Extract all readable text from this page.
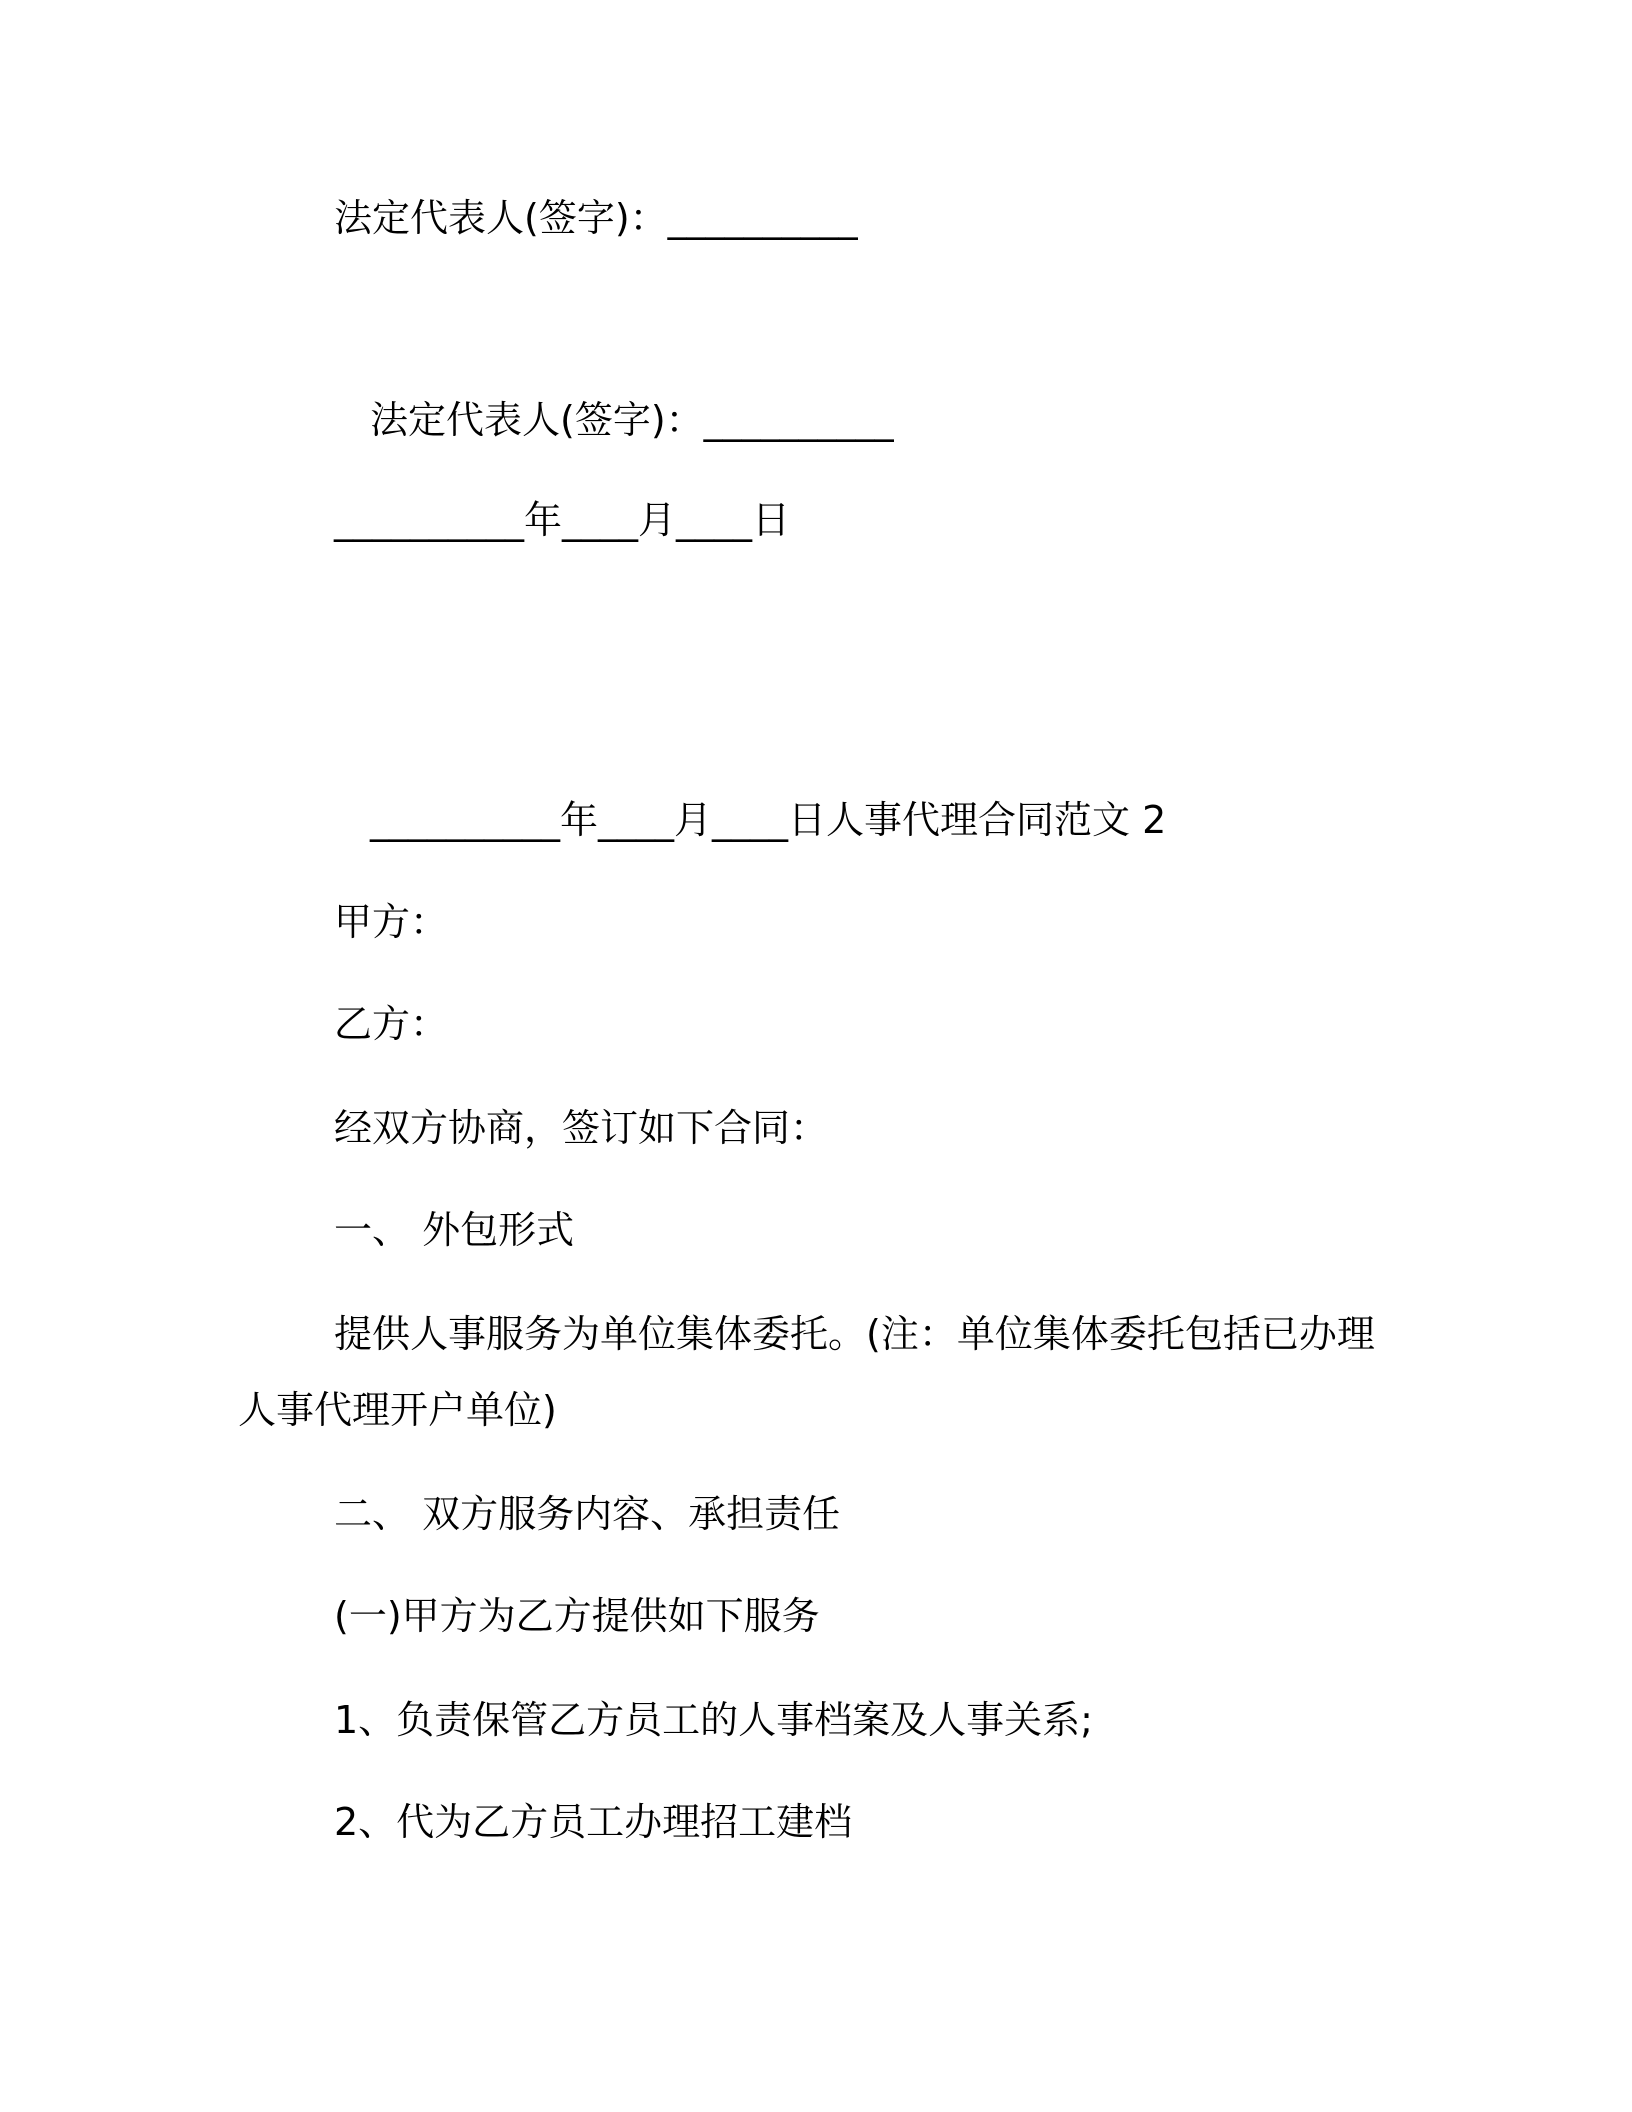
法定代表人(签字)：__________
法定代表人(签字)：__________
__________年____月____日
__________年____月____日人事代理合同范文 2
甲方：
乙方：
经双方协商，签订如下合同：
一、 外包形式
提供人事服务为单位集体委托。(注：单位集体委托包括已办理
人事代理开户单位)
二、 双方服务内容、承担责任
(一)甲方为乙方提供如下服务
1、负责保管乙方员工的人事档案及人事关系;
2、代为乙方员工办理招工建档
